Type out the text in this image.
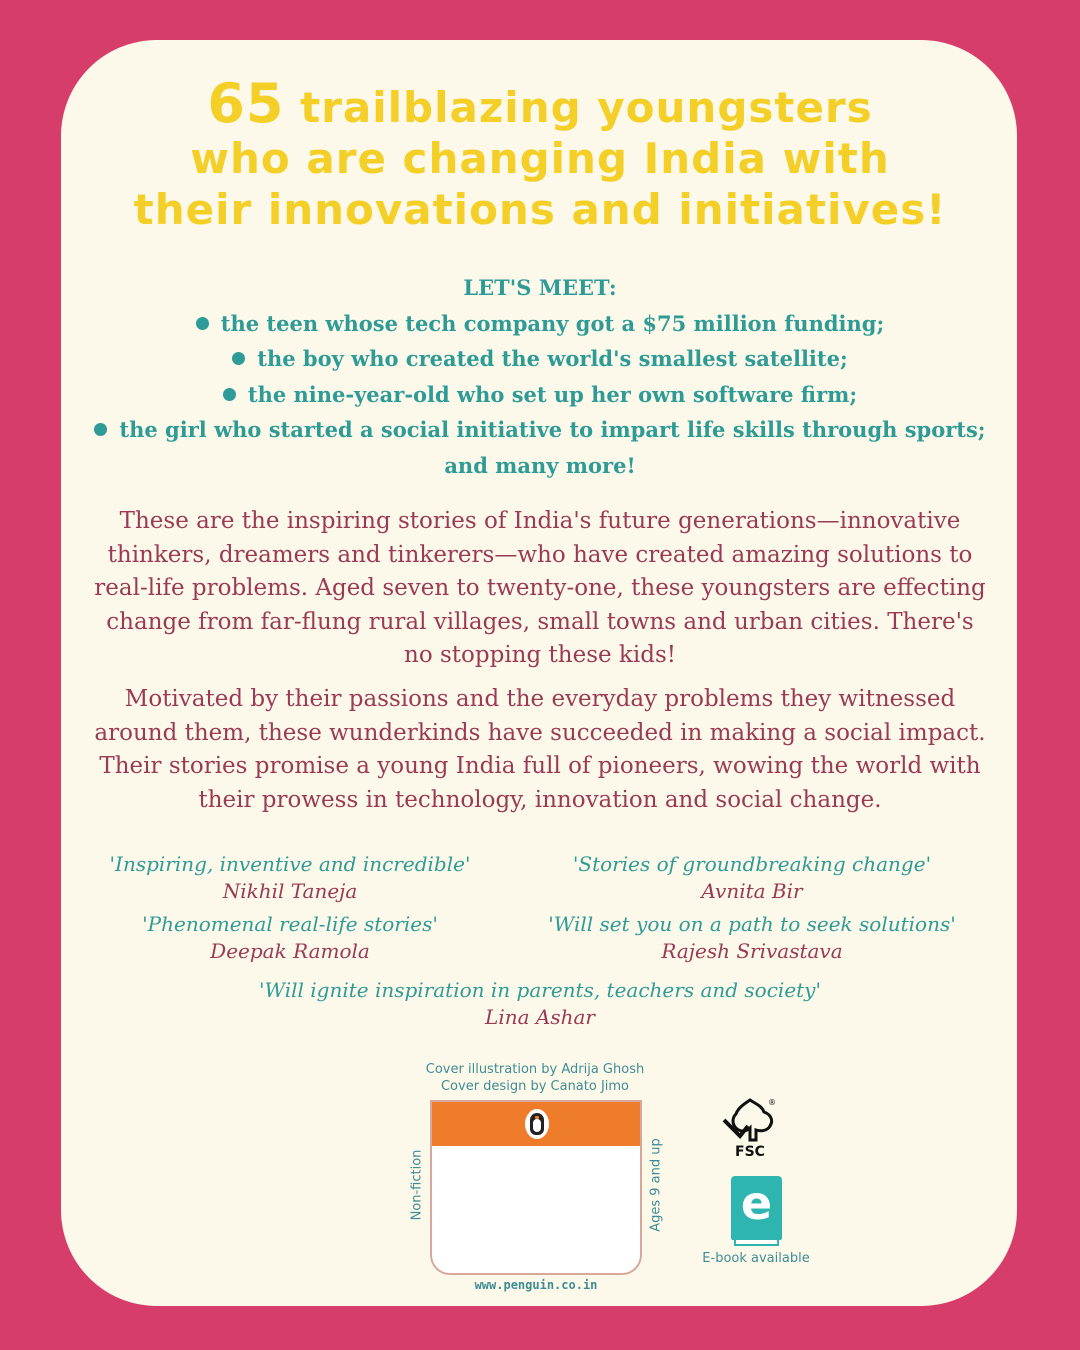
65 trailblazing youngsters
who are changing India with
their innovations and initiatives!
LET'S MEET:
the teen whose tech company got a $75 million funding;
the boy who created the world's smallest satellite;
the nine-year-old who set up her own software firm;
the girl who started a social initiative to impart life skills through sports;
and many more!

These are the inspiring stories of India's future generations—innovative thinkers, dreamers and tinkerers—who have created amazing solutions to real-life problems. Aged seven to twenty-one, these youngsters are effecting change from far-flung rural villages, small towns and urban cities. There's no stopping these kids!

Motivated by their passions and the everyday problems they witnessed around them, these wunderkinds have succeeded in making a social impact. Their stories promise a young India full of pioneers, wowing the world with their prowess in technology, innovation and social change.

'Inspiring, inventive and incredible'
Nikhil Taneja
'Stories of groundbreaking change'
Avnita Bir
'Phenomenal real-life stories'
Deepak Ramola
'Will set you on a path to seek solutions'
Rajesh Srivastava
'Will ignite inspiration in parents, teachers and society'
Lina Ashar
Cover illustration by Adrija Ghosh
Cover design by Canato Jimo
Non-fiction	Ages 9 and up
www.penguin.co.in
®
FSC
e
E-book available
